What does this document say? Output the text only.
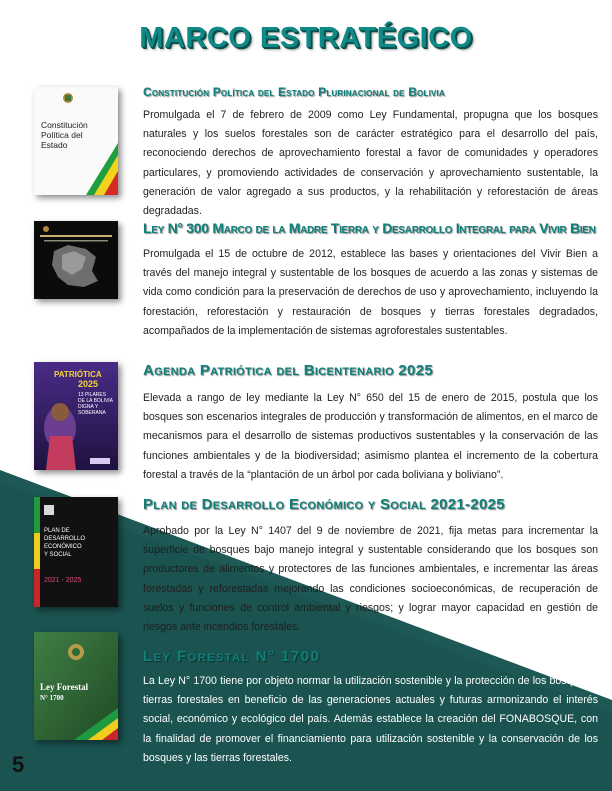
MARCO ESTRATÉGICO
Constitución Política del Estado
Constitución Política del Estado Plurinacional de Bolivia

Promulgada el 7 de febrero de 2009 como Ley Fundamental, propugna que los bosques naturales y los suelos forestales son de carácter estratégico para el desarrollo del país, reconociendo derechos de aprovechamiento forestal a favor de comunidades y operadores particulares, y promoviendo actividades de conservación y aprovechamiento sustentable, la generación de valor agregado a sus productos, y la rehabilitación y reforestación de áreas degradadas.

Ley N° 300 Marco de la Madre Tierra y Desarrollo Integral para Vivir Bien

Promulgada el 15 de octubre de 2012, establece las bases y orientaciones del Vivir Bien a través del manejo integral y sustentable de los bosques de acuerdo a las zonas y sistemas de vida como condición para la preservación de derechos de uso y aprovechamiento, incluyendo la forestación, reforestación y restauración de bosques y tierras forestales degradados, acompañados de la implementación de sistemas agroforestales sustentables.

PATRIÓTICA
2025
13 PILARES DE LA BOLIVIA DIGNA Y SOBERANA
Agenda Patriótica del Bicentenario 2025

Elevada a rango de ley mediante la Ley N° 650 del 15 de enero de 2015, postula que los bosques son escenarios integrales de producción y transformación de alimentos, en el marco de mecanismos para el desarrollo de sistemas productivos sustentables y la conservación de las funciones ambientales y de la biodiversidad; asimismo plantea el incremento de la cobertura forestal a través de la “plantación de un árbol por cada boliviana y boliviano”.

PLAN DE DESARROLLO ECONÓMICO Y SOCIAL
2021 - 2025
Plan de Desarrollo Económico y Social 2021-2025

Aprobado por la Ley N° 1407 del 9 de noviembre de 2021, fija metas para incrementar la superficie de bosques bajo manejo integral y sustentable considerando que los bosques son productores de alimentos y protectores de las funciones ambientales, e incrementar las áreas forestadas y reforestadas mejorando las condiciones socioeconómicas, de recuperación de suelos y funciones de control ambiental y riesgos; y lograr mayor capacidad en gestión de riesgos ante incendios forestales.

Ley Forestal
N° 1700
Ley Forestal N° 1700

La Ley N° 1700 tiene por objeto normar la utilización sostenible y la protección de los bosques y tierras forestales en beneficio de las generaciones actuales y futuras armonizando el interés social, económico y ecológico del país. Además establece la creación del FONABOSQUE, con la finalidad de promover el financiamiento para utilización sostenible y la conservación de los bosques y las tierras forestales.

5
